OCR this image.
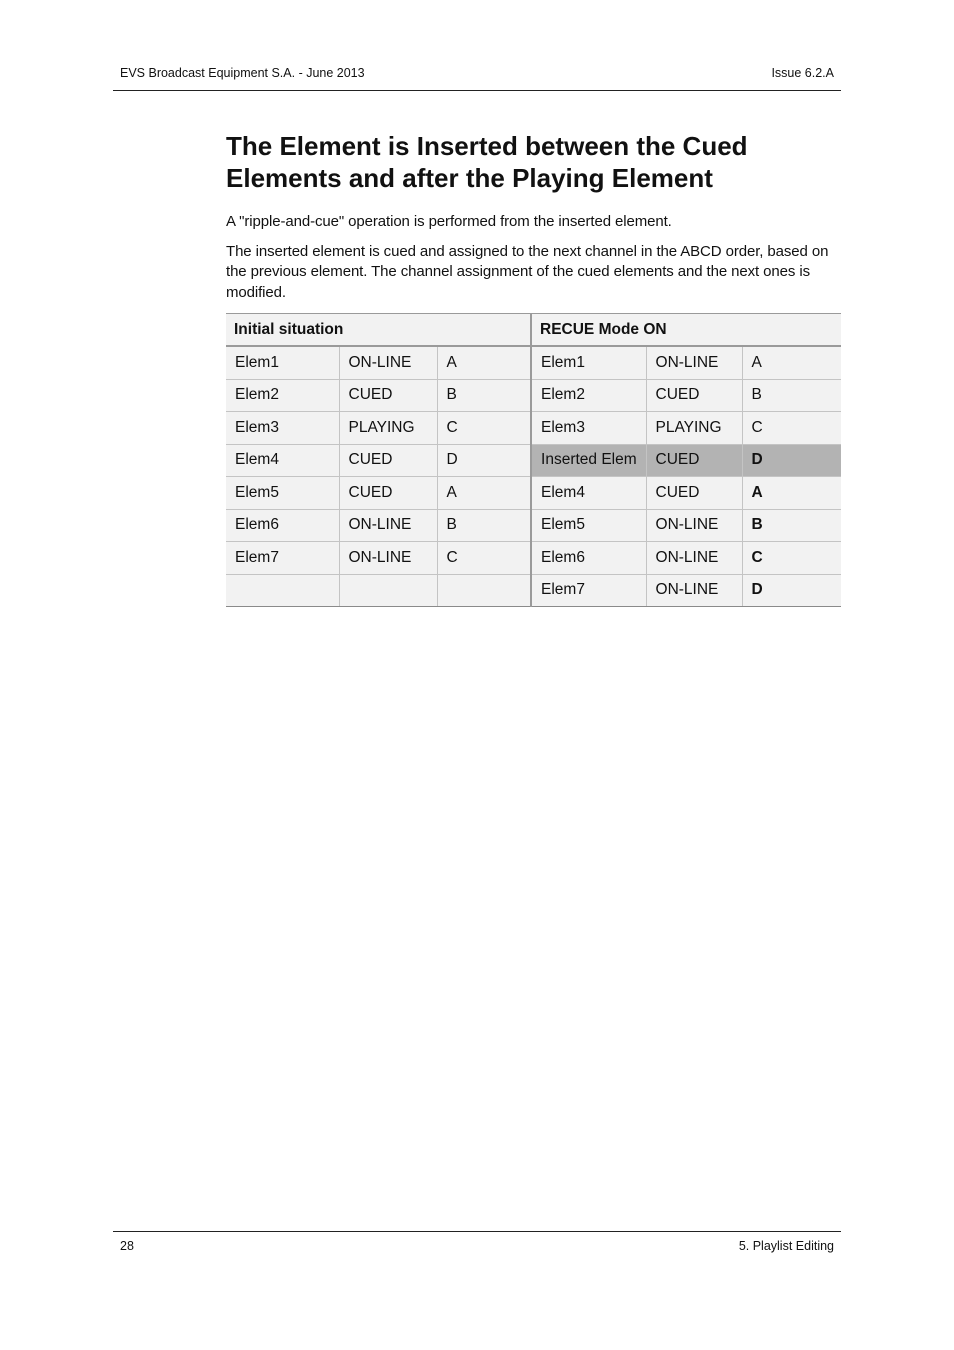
EVS Broadcast Equipment S.A. - June 2013	Issue 6.2.A
The Element is Inserted between the Cued
Elements and after the Playing Element

A "ripple-and-cue" operation is performed from the inserted element.

The inserted element is cued and assigned to the next channel in the ABCD order, based on the previous element. The channel assignment of the cued elements and the next ones is modified.

Initial situation			RECUE Mode ON		
Elem1	ON-LINE	A	Elem1	ON-LINE	A
Elem2	CUED	B	Elem2	CUED	B
Elem3	PLAYING	C	Elem3	PLAYING	C
Elem4	CUED	D	Inserted Elem	CUED	D
Elem5	CUED	A	Elem4	CUED	A
Elem6	ON-LINE	B	Elem5	ON-LINE	B
Elem7	ON-LINE	C	Elem6	ON-LINE	C
			Elem7	ON-LINE	D
28	5. Playlist Editing
